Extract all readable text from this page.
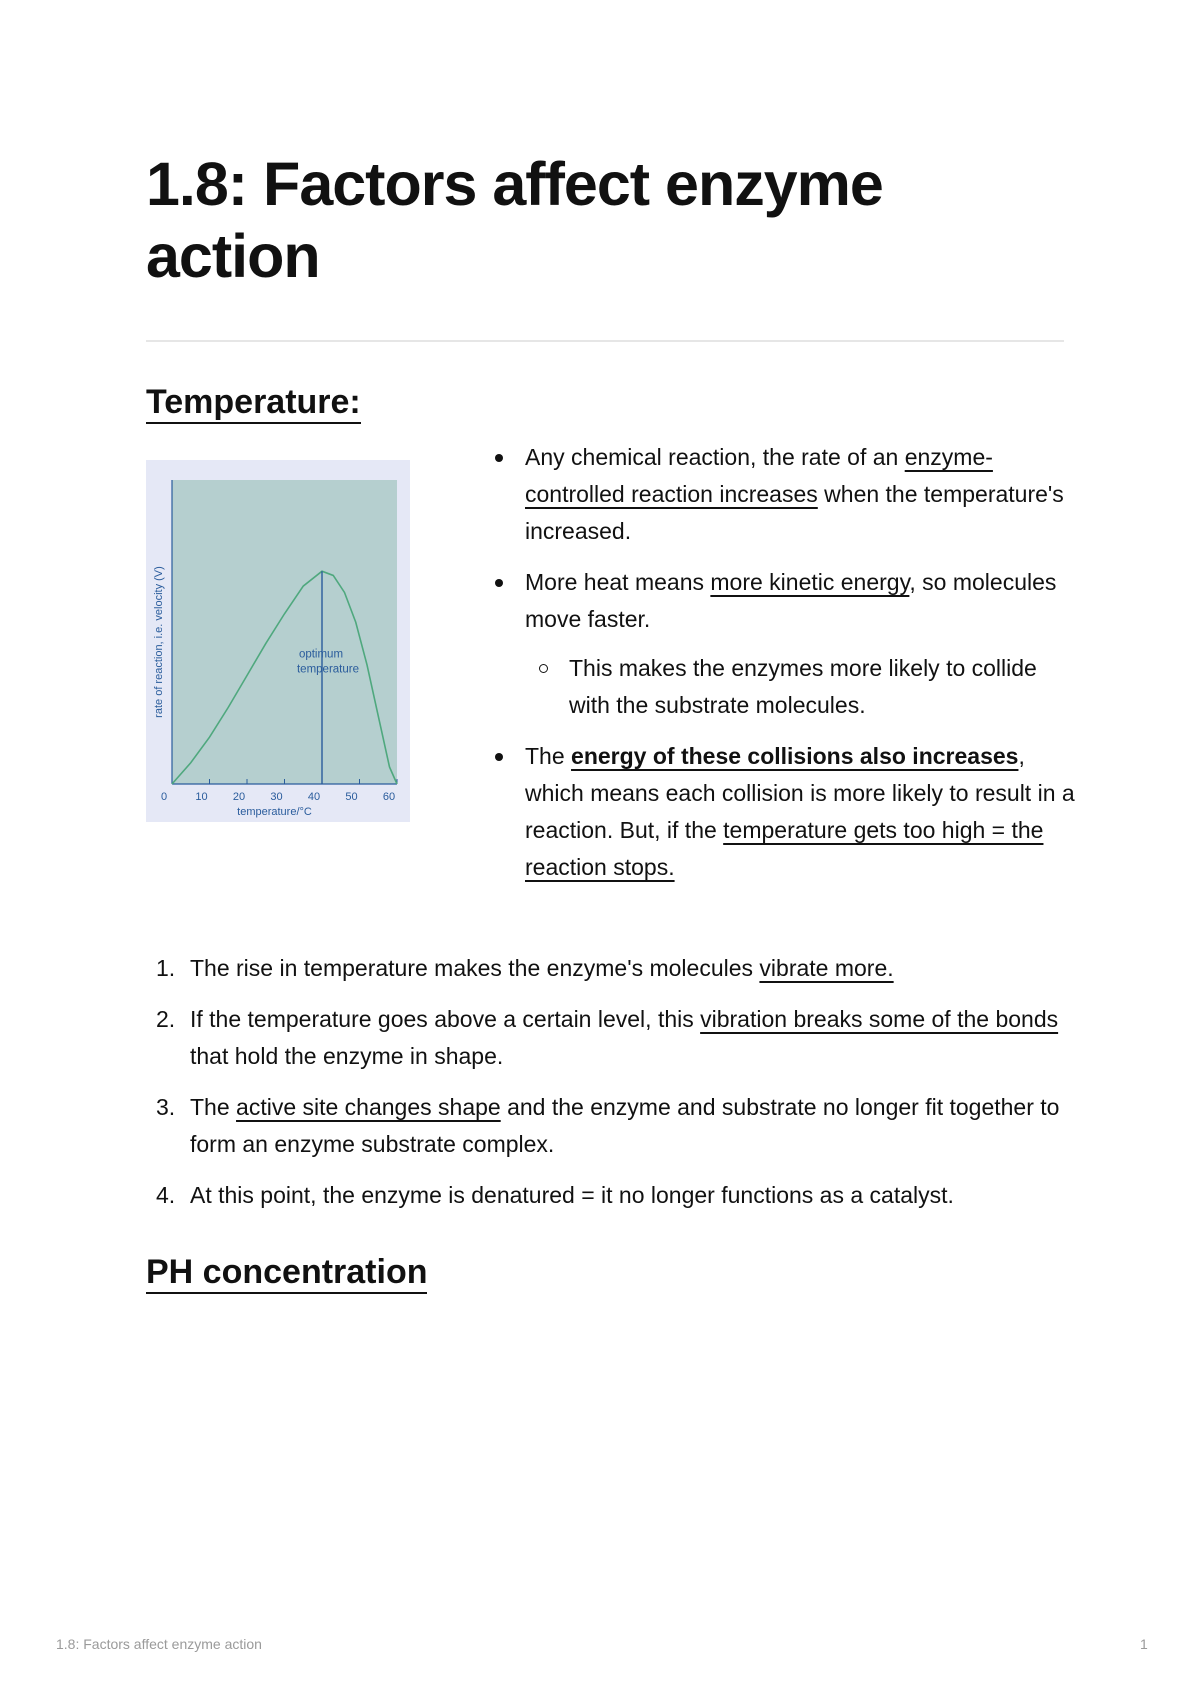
1.8: Factors affect enzyme action
Temperature:
0	10 20 30 40 50 60
temperature/°C
rate of reaction, i.e. velocity (V)	optimum
temperature
Any chemical reaction, the rate of an enzyme-controlled reaction increases when the temperature's increased.
More heat means more kinetic energy, so molecules move faster.
This makes the enzymes more likely to collide with the substrate molecules.
The energy of these collisions also increases, which means each collision is more likely to result in a reaction. But, if the temperature gets too high = the reaction stops.
1. The rise in temperature makes the enzyme's molecules vibrate more.
2. If the temperature goes above a certain level, this vibration breaks some of the bonds that hold the enzyme in shape.
3. The active site changes shape and the enzyme and substrate no longer fit together to form an enzyme substrate complex.
4. At this point, the enzyme is denatured = it no longer functions as a catalyst.
PH concentration
1.8: Factors affect enzyme action	1
